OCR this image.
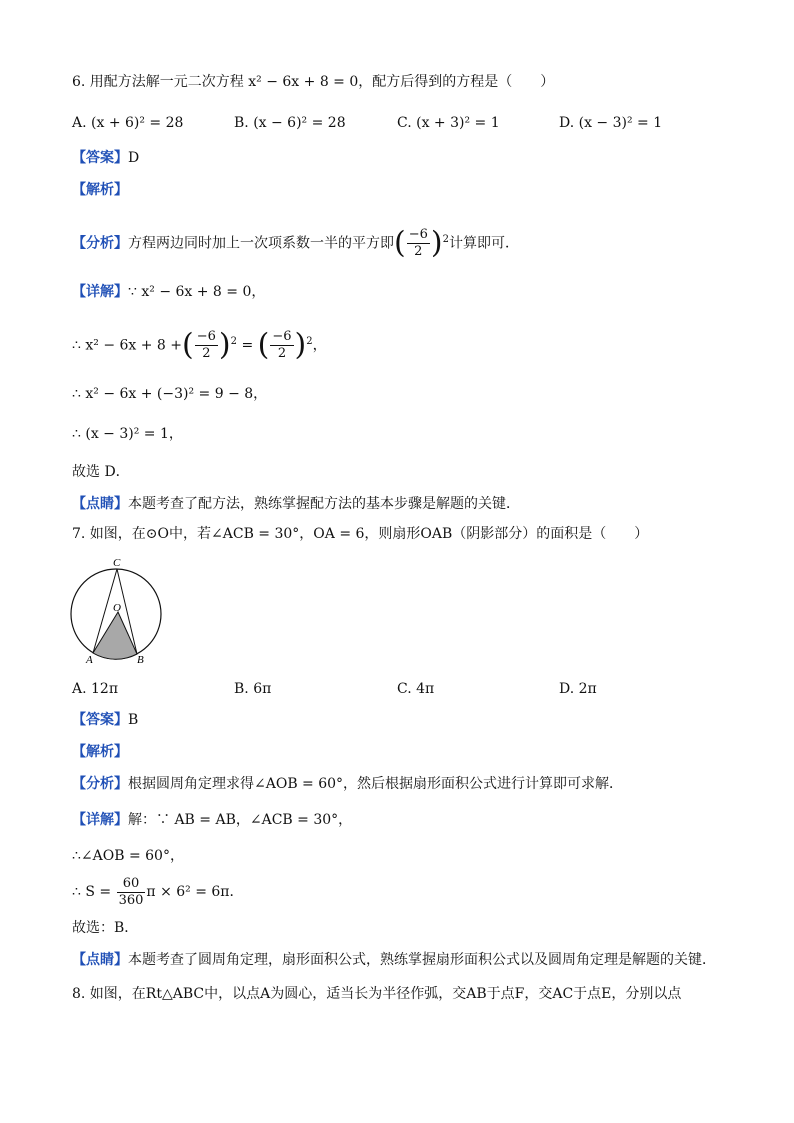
6. 用配方法解一元二次方程 x² − 6x + 8 = 0，配方后得到的方程是（　　）
A. (x + 6)² = 28	B. (x − 6)² = 28	C. (x + 3)² = 1	D. (x − 3)² = 1
【答案】D
【解析】
【分析】方程两边同时加上一次项系数一半的平方即( $\frac{-6}{2} )^2$计算即可．
【详解】∵ x² − 6x + 8 = 0，
∴ x² − 6x + 8 +( $\frac{-6}{2} )^2$ = ( $\frac{-6}{2} )^2$，
∴ x² − 6x + (−3)² = 9 − 8，
∴ (x − 3)² = 1，
故选 D．
【点睛】本题考查了配方法，熟练掌握配方法的基本步骤是解题的关键．
7. 如图，在⊙O中，若∠ACB = 30°，OA = 6，则扇形OAB（阴影部分）的面积是（　　）
C
O
A	B
A. 12π	B. 6π	C. 4π	D. 2π
【答案】B
【解析】
【分析】根据圆周角定理求得∠AOB = 60°，然后根据扇形面积公式进行计算即可求解．
【详解】解：∵ AB = AB，∠ACB = 30°，
∴∠AOB = 60°，
∴ $S = \frac{60}{360}$ π × 6² = 6π．
故选：B．
【点睛】本题考查了圆周角定理，扇形面积公式，熟练掌握扇形面积公式以及圆周角定理是解题的关键．
8. 如图，在Rt△ABC中，以点A为圆心，适当长为半径作弧，交AB于点F，交AC于点E，分别以点
